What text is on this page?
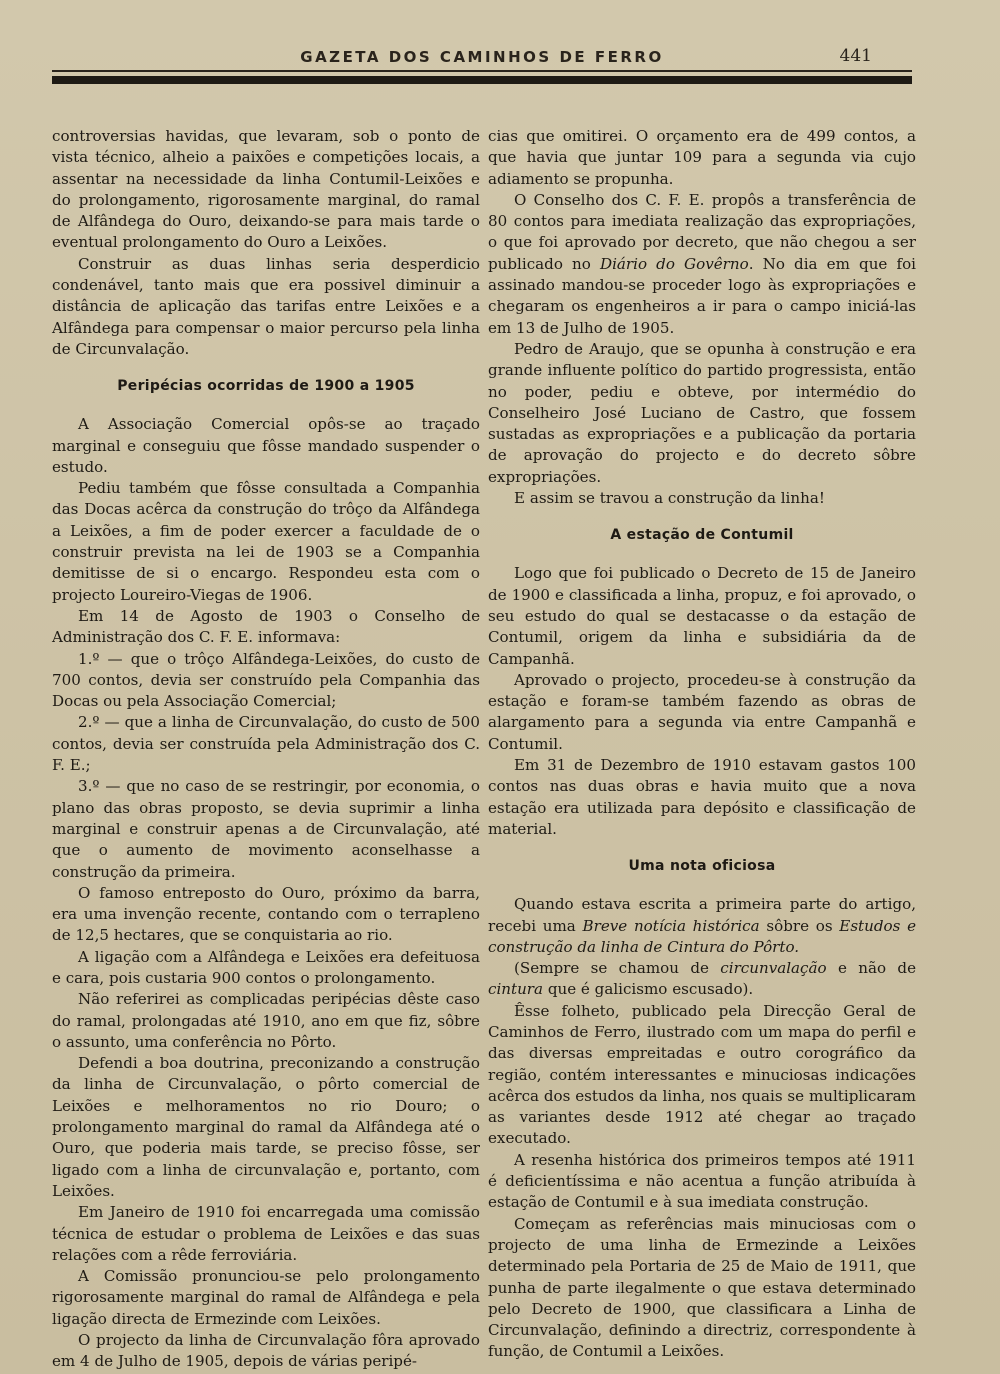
GAZETA DOS CAMINHOS DE FERRO	441

controversias havidas, que levaram, sob o ponto de vista técnico, alheio a paixões e competições locais, a assentar na necessidade da linha Contumil-Leixões e do prolongamento, rigorosamente marginal, do ramal de Alfândega do Ouro, deixando-se para mais tarde o eventual prolongamento do Ouro a Leixões.

Construir as duas linhas seria desperdicio condenável, tanto mais que era possivel diminuir a distância de aplicação das tarifas entre Leixões e a Alfândega para compensar o maior percurso pela linha de Circunvalação.

Peripécias ocorridas de 1900 a 1905

A Associação Comercial opôs-se ao traçado marginal e conseguiu que fôsse mandado suspender o estudo.

Pediu também que fôsse consultada a Companhia das Docas acêrca da construção do trôço da Alfândega a Leixões, a fim de poder exercer a faculdade de o construir prevista na lei de 1903 se a Companhia demitisse de si o encargo. Respondeu esta com o projecto Loureiro-Viegas de 1906.

Em 14 de Agosto de 1903 o Conselho de Administração dos C. F. E. informava:

1.º — que o trôço Alfândega-Leixões, do custo de 700 contos, devia ser construído pela Companhia das Docas ou pela Associação Comercial;

2.º — que a linha de Circunvalação, do custo de 500 contos, devia ser construída pela Administração dos C. F. E.;

3.º — que no caso de se restringir, por economia, o plano das obras proposto, se devia suprimir a linha marginal e construir apenas a de Circunvalação, até que o aumento de movimento aconselhasse a construção da primeira.

O famoso entreposto do Ouro, próximo da barra, era uma invenção recente, contando com o terrapleno de 12,5 hectares, que se conquistaria ao rio.

A ligação com a Alfândega e Leixões era defeituosa e cara, pois custaria 900 contos o prolongamento.

Não referirei as complicadas peripécias dêste caso do ramal, prolongadas até 1910, ano em que fiz, sôbre o assunto, uma conferência no Pôrto.

Defendi a boa doutrina, preconizando a construção da linha de Circunvalação, o pôrto comercial de Leixões e melhoramentos no rio Douro; o prolongamento marginal do ramal da Alfândega até o Ouro, que poderia mais tarde, se preciso fôsse, ser ligado com a linha de circunvalação e, portanto, com Leixões.

Em Janeiro de 1910 foi encarregada uma comissão técnica de estudar o problema de Leixões e das suas relações com a rêde ferroviária.

A Comissão pronunciou-se pelo prolongamento rigorosamente marginal do ramal de Alfândega e pela ligação directa de Ermezinde com Leixões.

O projecto da linha de Circunvalação fôra aprovado em 4 de Julho de 1905, depois de várias peripé-

cias que omitirei. O orçamento era de 499 contos, a que havia que juntar 109 para a segunda via cujo adiamento se propunha.

O Conselho dos C. F. E. propôs a transferência de 80 contos para imediata realização das expropriações, o que foi aprovado por decreto, que não chegou a ser publicado no Diário do Govêrno. No dia em que foi assinado mandou-se proceder logo às expropriações e chegaram os engenheiros a ir para o campo iniciá-las em 13 de Julho de 1905.

Pedro de Araujo, que se opunha à construção e era grande influente político do partido progressista, então no poder, pediu e obteve, por intermédio do Conselheiro José Luciano de Castro, que fossem sustadas as expropriações e a publicação da portaria de aprovação do projecto e do decreto sôbre expropriações.

E assim se travou a construção da linha!

A estação de Contumil

Logo que foi publicado o Decreto de 15 de Janeiro de 1900 e classificada a linha, propuz, e foi aprovado, o seu estudo do qual se destacasse o da estação de Contumil, origem da linha e subsidiária da de Campanhã.

Aprovado o projecto, procedeu-se à construção da estação e foram-se também fazendo as obras de alargamento para a segunda via entre Campanhã e Contumil.

Em 31 de Dezembro de 1910 estavam gastos 100 contos nas duas obras e havia muito que a nova estação era utilizada para depósito e classificação de material.

Uma nota oficiosa

Quando estava escrita a primeira parte do artigo, recebi uma Breve notícia histórica sôbre os Estudos e construção da linha de Cintura do Pôrto.

(Sempre se chamou de circunvalação e não de cintura que é galicismo escusado).

Êsse folheto, publicado pela Direcção Geral de Caminhos de Ferro, ilustrado com um mapa do perfil e das diversas empreitadas e outro corográfico da região, contém interessantes e minuciosas indicações acêrca dos estudos da linha, nos quais se multiplicaram as variantes desde 1912 até chegar ao traçado executado.

A resenha histórica dos primeiros tempos até 1911 é deficientíssima e não acentua a função atribuída à estação de Contumil e à sua imediata construção.

Começam as referências mais minuciosas com o projecto de uma linha de Ermezinde a Leixões determinado pela Portaria de 25 de Maio de 1911, que punha de parte ilegalmente o que estava determinado pelo Decreto de 1900, que classificara a Linha de Circunvalação, definindo a directriz, correspondente à função, de Contumil a Leixões.
